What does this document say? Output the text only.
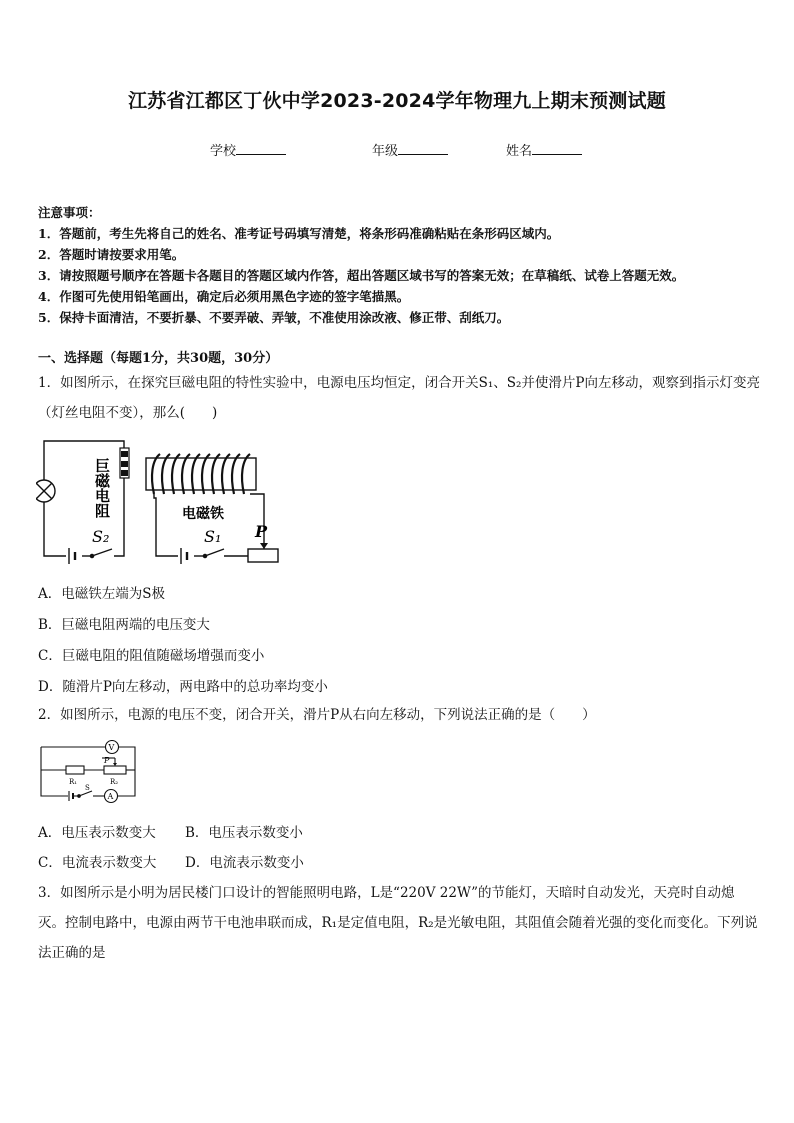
江苏省江都区丁伙中学2023-2024学年物理九上期末预测试题
学校	年级	姓名
注意事项：
1．答题前，考生先将自己的姓名、准考证号码填写清楚，将条形码准确粘贴在条形码区域内。
2．答题时请按要求用笔。
3．请按照题号顺序在答题卡各题目的答题区域内作答，超出答题区域书写的答案无效；在草稿纸、试卷上答题无效。
4．作图可先使用铅笔画出，确定后必须用黑色字迹的签字笔描黑。
5．保持卡面清洁，不要折暴、不要弄破、弄皱，不准使用涂改液、修正带、刮纸刀。
一、选择题（每题1分，共30题，30分）
1．如图所示，在探究巨磁电阻的特性实验中，电源电压均恒定，闭合开关S₁、S₂并使滑片P向左移动，观察到指示灯变亮（灯丝电阻不变），那么(　　)
巨磁电阻	电磁铁
S₂	S₁ P
A．电磁铁左端为S极
B．巨磁电阻两端的电压变大
C．巨磁电阻的阻值随磁场增强而变小
D．随滑片P向左移动，两电路中的总功率均变小
2．如图所示，电源的电压不变，闭合开关，滑片P从右向左移动，下列说法正确的是（　　）
V
A
R₁	R₂
P
S
A．电压表示数变大 B．电压表示数变小
C．电流表示数变大 D．电流表示数变小
3．如图所示是小明为居民楼门口设计的智能照明电路，L是“220V 22W”的节能灯，天暗时自动发光，天亮时自动熄灭。控制电路中，电源由两节干电池串联而成，R₁是定值电阻，R₂是光敏电阻，其阻值会随着光强的变化而变化。下列说法正确的是
